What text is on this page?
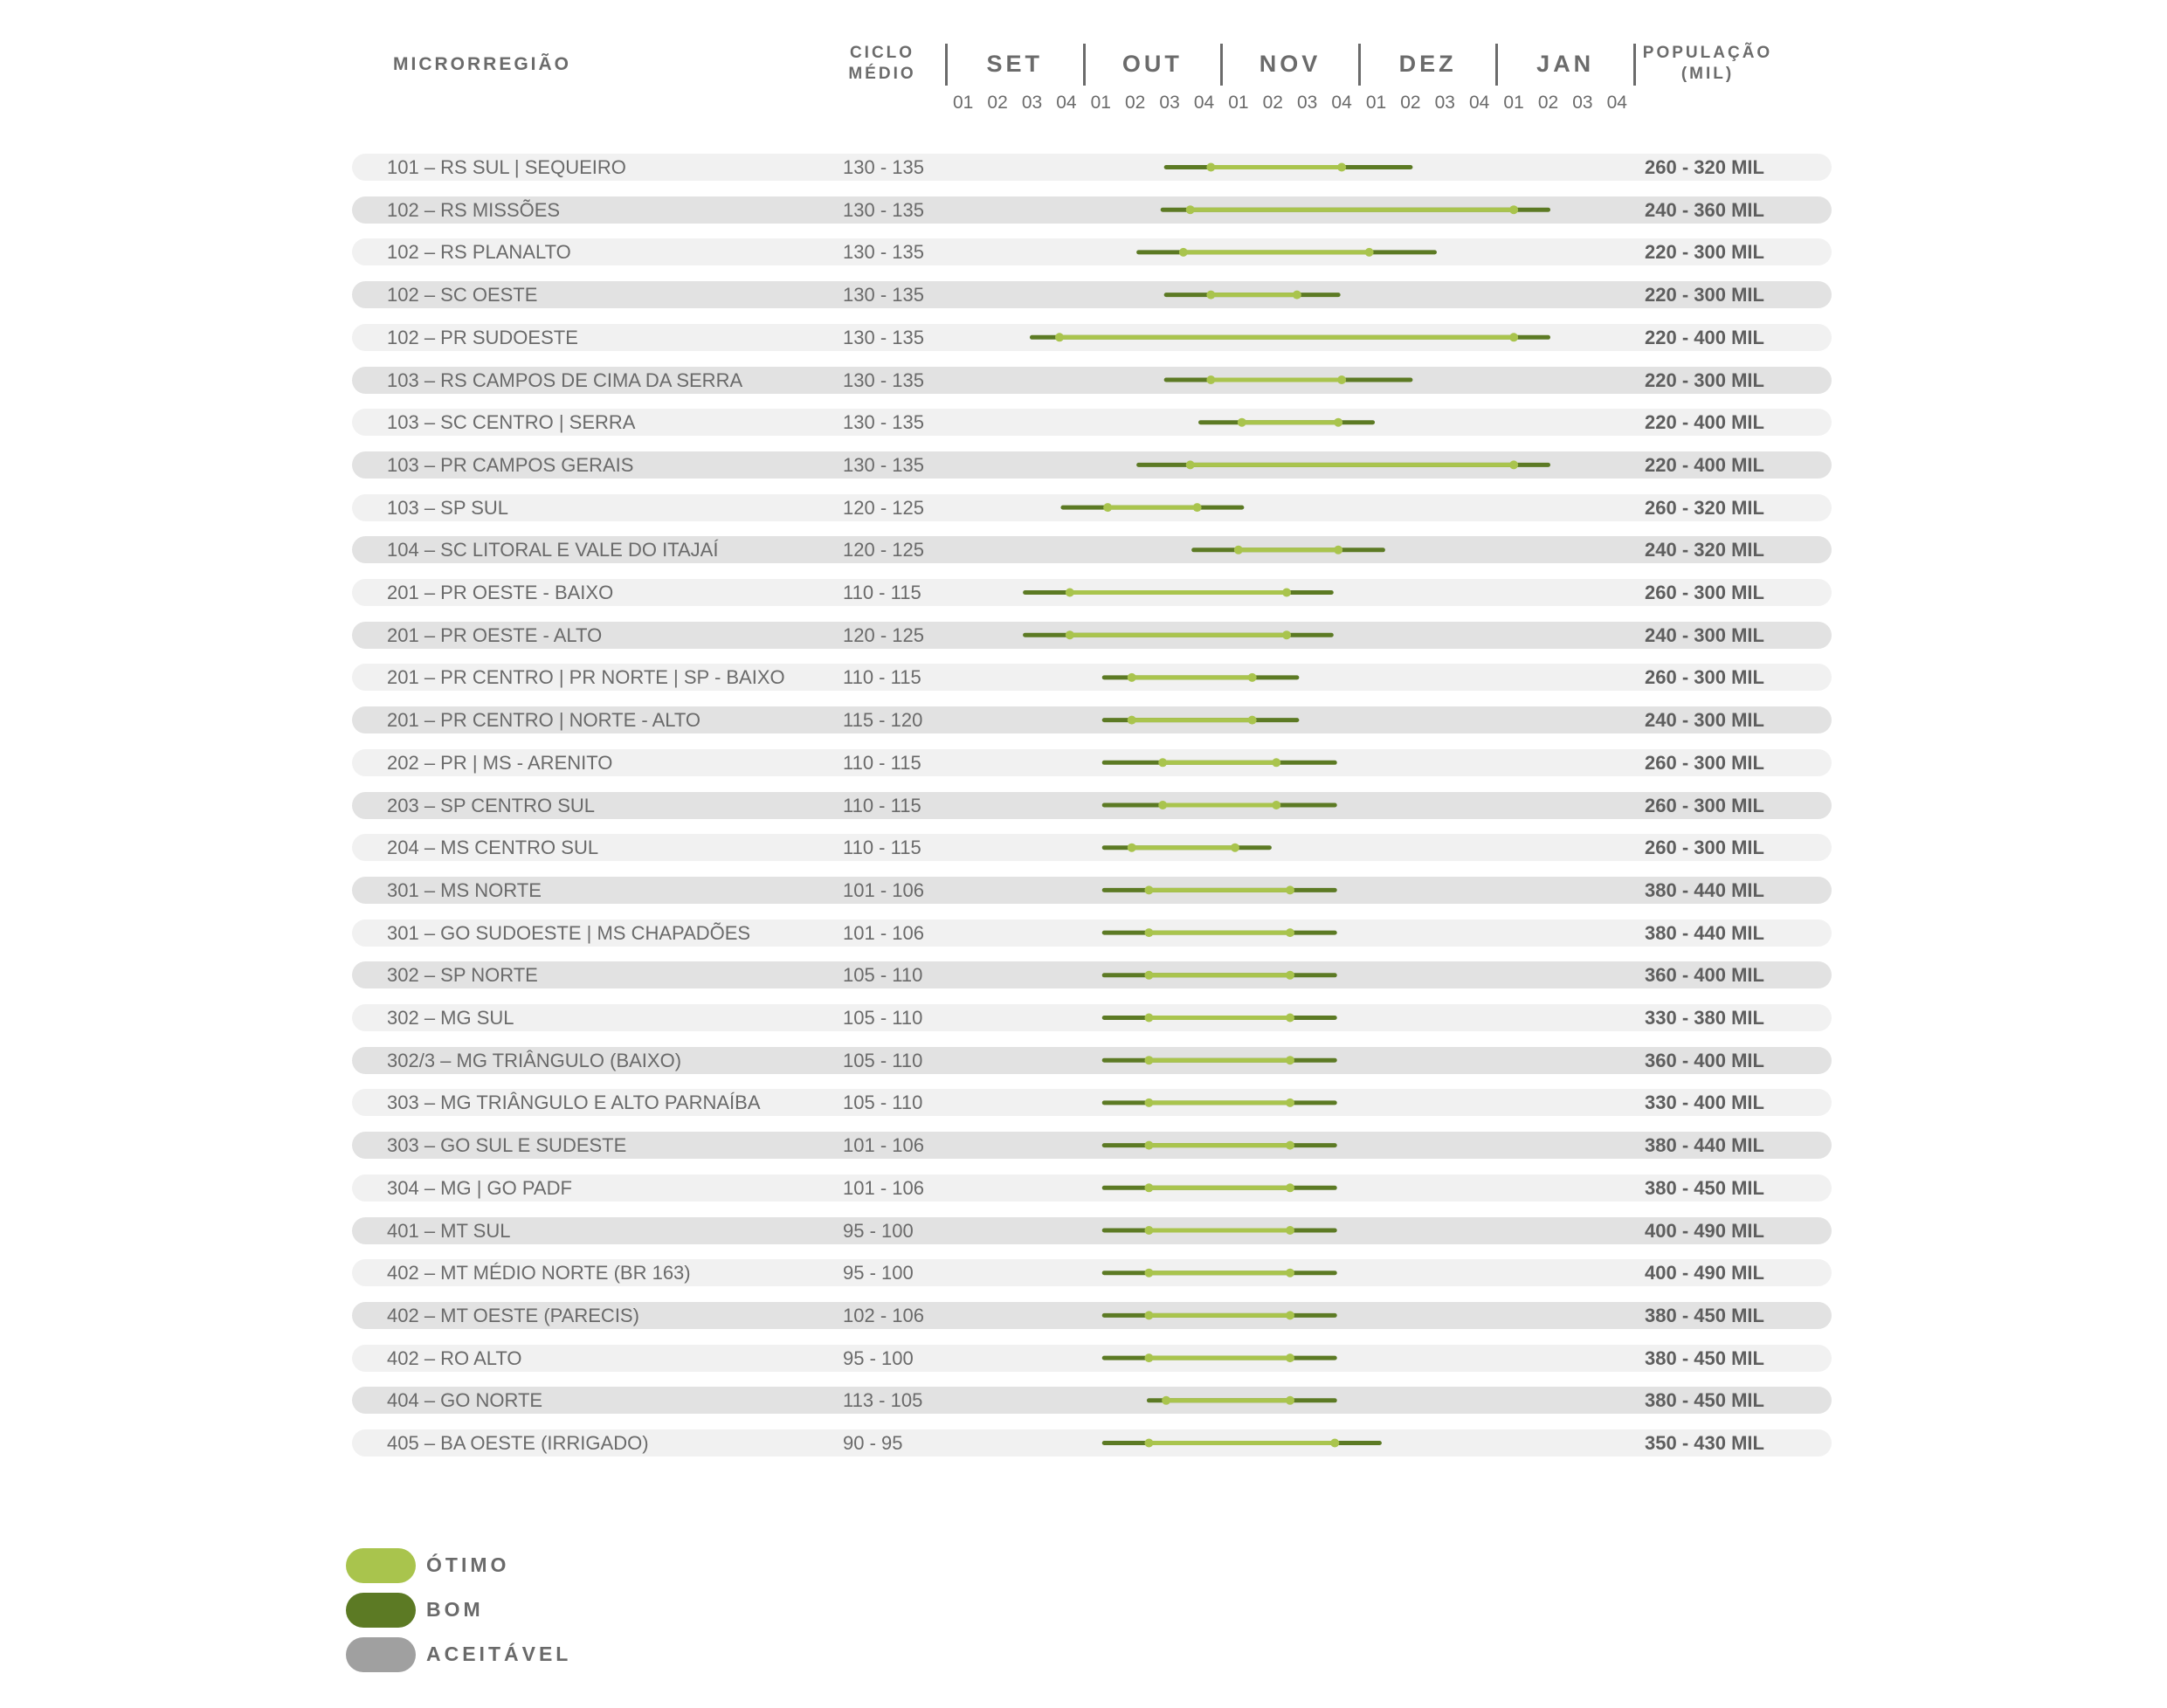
MICRORREGIÃO
CICLO
MÉDIO
POPULAÇÃO
(MIL)
SET
01 02 03 04
OUT
01 02 03 04
NOV
01 02 03 04
DEZ
01 02 03 04
JAN
01 02 03 04
101 – RS SUL | SEQUEIRO	130 - 135	260 - 320 MIL
102 – RS MISSÕES	130 - 135	240 - 360 MIL
102 – RS PLANALTO	130 - 135	220 - 300 MIL
102 – SC OESTE	130 - 135	220 - 300 MIL
102 – PR SUDOESTE	130 - 135	220 - 400 MIL
103 – RS CAMPOS DE CIMA DA SERRA	130 - 135	220 - 300 MIL
103 – SC CENTRO | SERRA	130 - 135	220 - 400 MIL
103 – PR CAMPOS GERAIS	130 - 135	220 - 400 MIL
103 – SP SUL	120 - 125	260 - 320 MIL
104 – SC LITORAL E VALE DO ITAJAÍ	120 - 125	240 - 320 MIL
201 – PR OESTE - BAIXO	110 - 115	260 - 300 MIL
201 – PR OESTE - ALTO	120 - 125	240 - 300 MIL
201 – PR CENTRO | PR NORTE | SP - BAIXO	110 - 115	260 - 300 MIL
201 – PR CENTRO | NORTE - ALTO	115 - 120	240 - 300 MIL
202 – PR | MS - ARENITO	110 - 115	260 - 300 MIL
203 – SP CENTRO SUL	110 - 115	260 - 300 MIL
204 – MS CENTRO SUL	110 - 115	260 - 300 MIL
301 – MS NORTE	101 - 106	380 - 440 MIL
301 – GO SUDOESTE | MS CHAPADÕES	101 - 106	380 - 440 MIL
302 – SP NORTE	105 - 110	360 - 400 MIL
302 – MG SUL	105 - 110	330 - 380 MIL
302/3 – MG TRIÂNGULO (BAIXO)	105 - 110	360 - 400 MIL
303 – MG TRIÂNGULO E ALTO PARNAÍBA	105 - 110	330 - 400 MIL
303 – GO SUL E SUDESTE	101 - 106	380 - 440 MIL
304 – MG | GO PADF	101 - 106	380 - 450 MIL
401 – MT SUL	95 - 100	400 - 490 MIL
402 – MT MÉDIO NORTE (BR 163)	95 - 100	400 - 490 MIL
402 – MT OESTE (PARECIS)	102 - 106	380 - 450 MIL
402 – RO ALTO	95 - 100	380 - 450 MIL
404 – GO NORTE	113 - 105	380 - 450 MIL
405 – BA OESTE (IRRIGADO)	90 - 95	350 - 430 MIL
ÓTIMO
BOM
ACEITÁVEL
